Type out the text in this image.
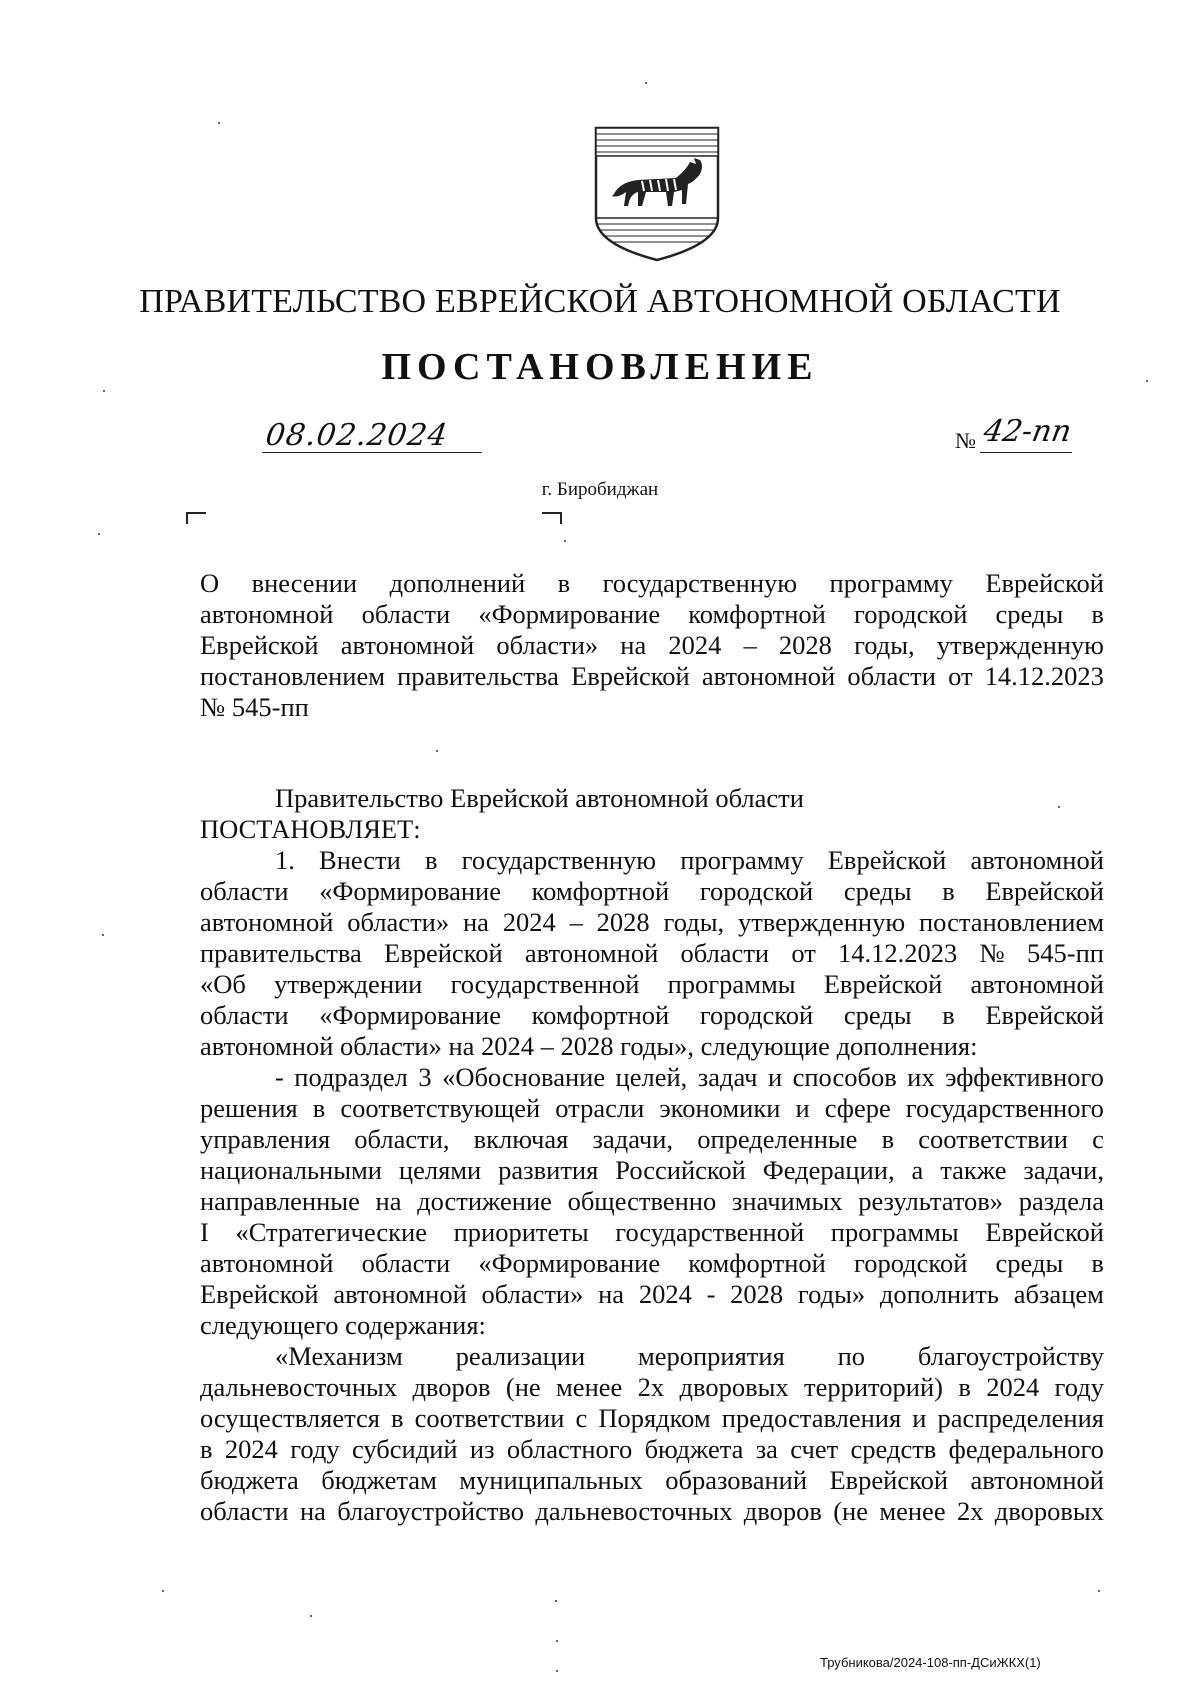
ПРАВИТЕЛЬСТВО ЕВРЕЙСКОЙ АВТОНОМНОЙ ОБЛАСТИ
ПОСТАНОВЛЕНИЕ
08.02.2024	№ 42-пп
г. Биробиджан
О внесении дополнений в государственную программу Еврейской
автономной области «Формирование комфортной городской среды в
Еврейской автономной области» на 2024 – 2028 годы, утвержденную
постановлением правительства Еврейской автономной области от 14.12.2023
№ 545-пп
Правительство Еврейской автономной области
ПОСТАНОВЛЯЕТ:
1. Внести в государственную программу Еврейской автономной
области «Формирование комфортной городской среды в Еврейской
автономной области» на 2024 – 2028 годы, утвержденную постановлением
правительства Еврейской автономной области от 14.12.2023 № 545-пп
«Об утверждении государственной программы Еврейской автономной
области «Формирование комфортной городской среды в Еврейской
автономной области» на 2024 – 2028 годы», следующие дополнения:
- подраздел 3 «Обоснование целей, задач и способов их эффективного
решения в соответствующей отрасли экономики и сфере государственного
управления области, включая задачи, определенные в соответствии с
национальными целями развития Российской Федерации, а также задачи,
направленные на достижение общественно значимых результатов» раздела
I «Стратегические приоритеты государственной программы Еврейской
автономной области «Формирование комфортной городской среды в
Еврейской автономной области» на 2024 - 2028 годы» дополнить абзацем
следующего содержания:
«Механизм реализации мероприятия по благоустройству
дальневосточных дворов (не менее 2х дворовых территорий) в 2024 году
осуществляется в соответствии с Порядком предоставления и распределения
в 2024 году субсидий из областного бюджета за счет средств федерального
бюджета бюджетам муниципальных образований Еврейской автономной
области на благоустройство дальневосточных дворов (не менее 2х дворовых
Трубникова/2024-108-пп-ДСиЖКХ(1)
